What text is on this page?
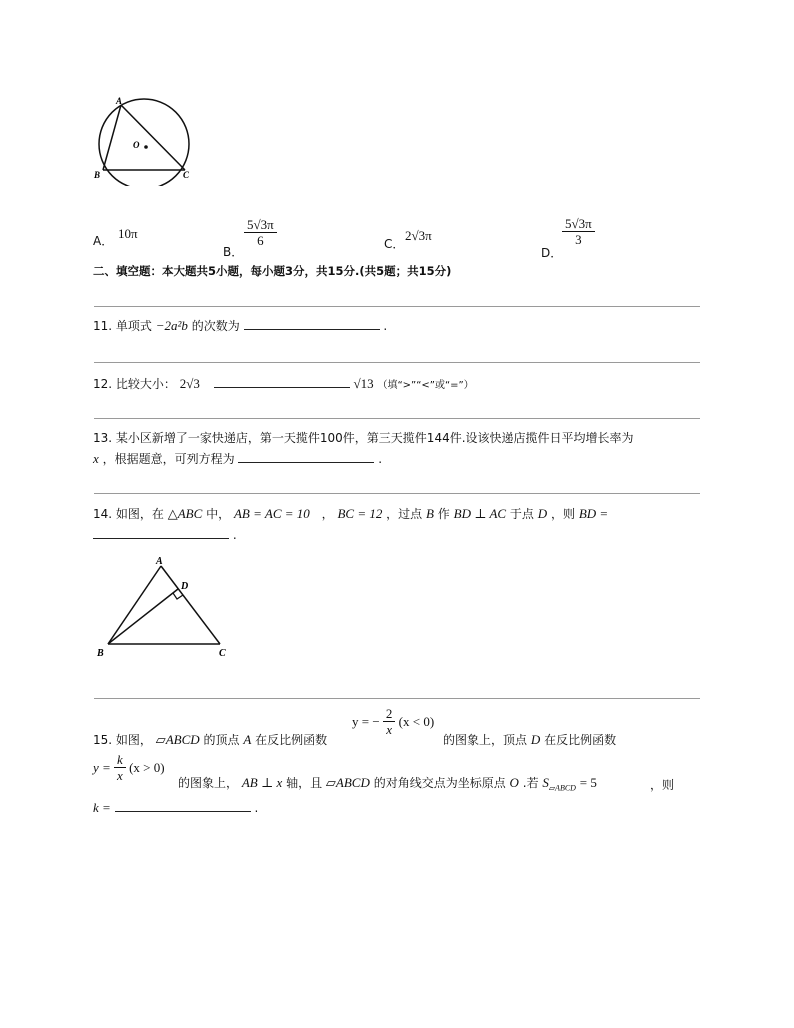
A
B	C
O
A． 10π
B．
$\frac{5√3\pi}{6}$	C．
2√3π
D．
$\frac{5√3\pi}{3}$
二、填空题：本大题共5小题，每小题3分，共15分.(共5题；共15分)
11. 单项式 −2a²b 的次数为	.
12. 比较大小： 2√3	√13 （填“>”“<”或“=”）
13. 某小区新增了一家快递店，第一天揽件100件，第三天揽件144件.设该快递店揽件日平均增长率为
x ，根据题意，可列方程为	.
14. 如图，在 △ABC 中， AB = AC = 10 ， BC = 12 ，过点 B 作 BD ⊥ AC 于点 D ，则 BD =
.
A
B	C
D
y = − $\frac{2}{x} (x < 0)$
15. 如图， ▱ABCD 的顶点 A 在反比例函数	的图象上，顶点 D 在反比例函数
$y = \frac{k}{x} (x > 0)$
的图象上， AB ⊥ x 轴，且 ▱ABCD 的对角线交点为坐标原点 O .若 $S_{▱ABCD} = 5$	，则
k =	.
